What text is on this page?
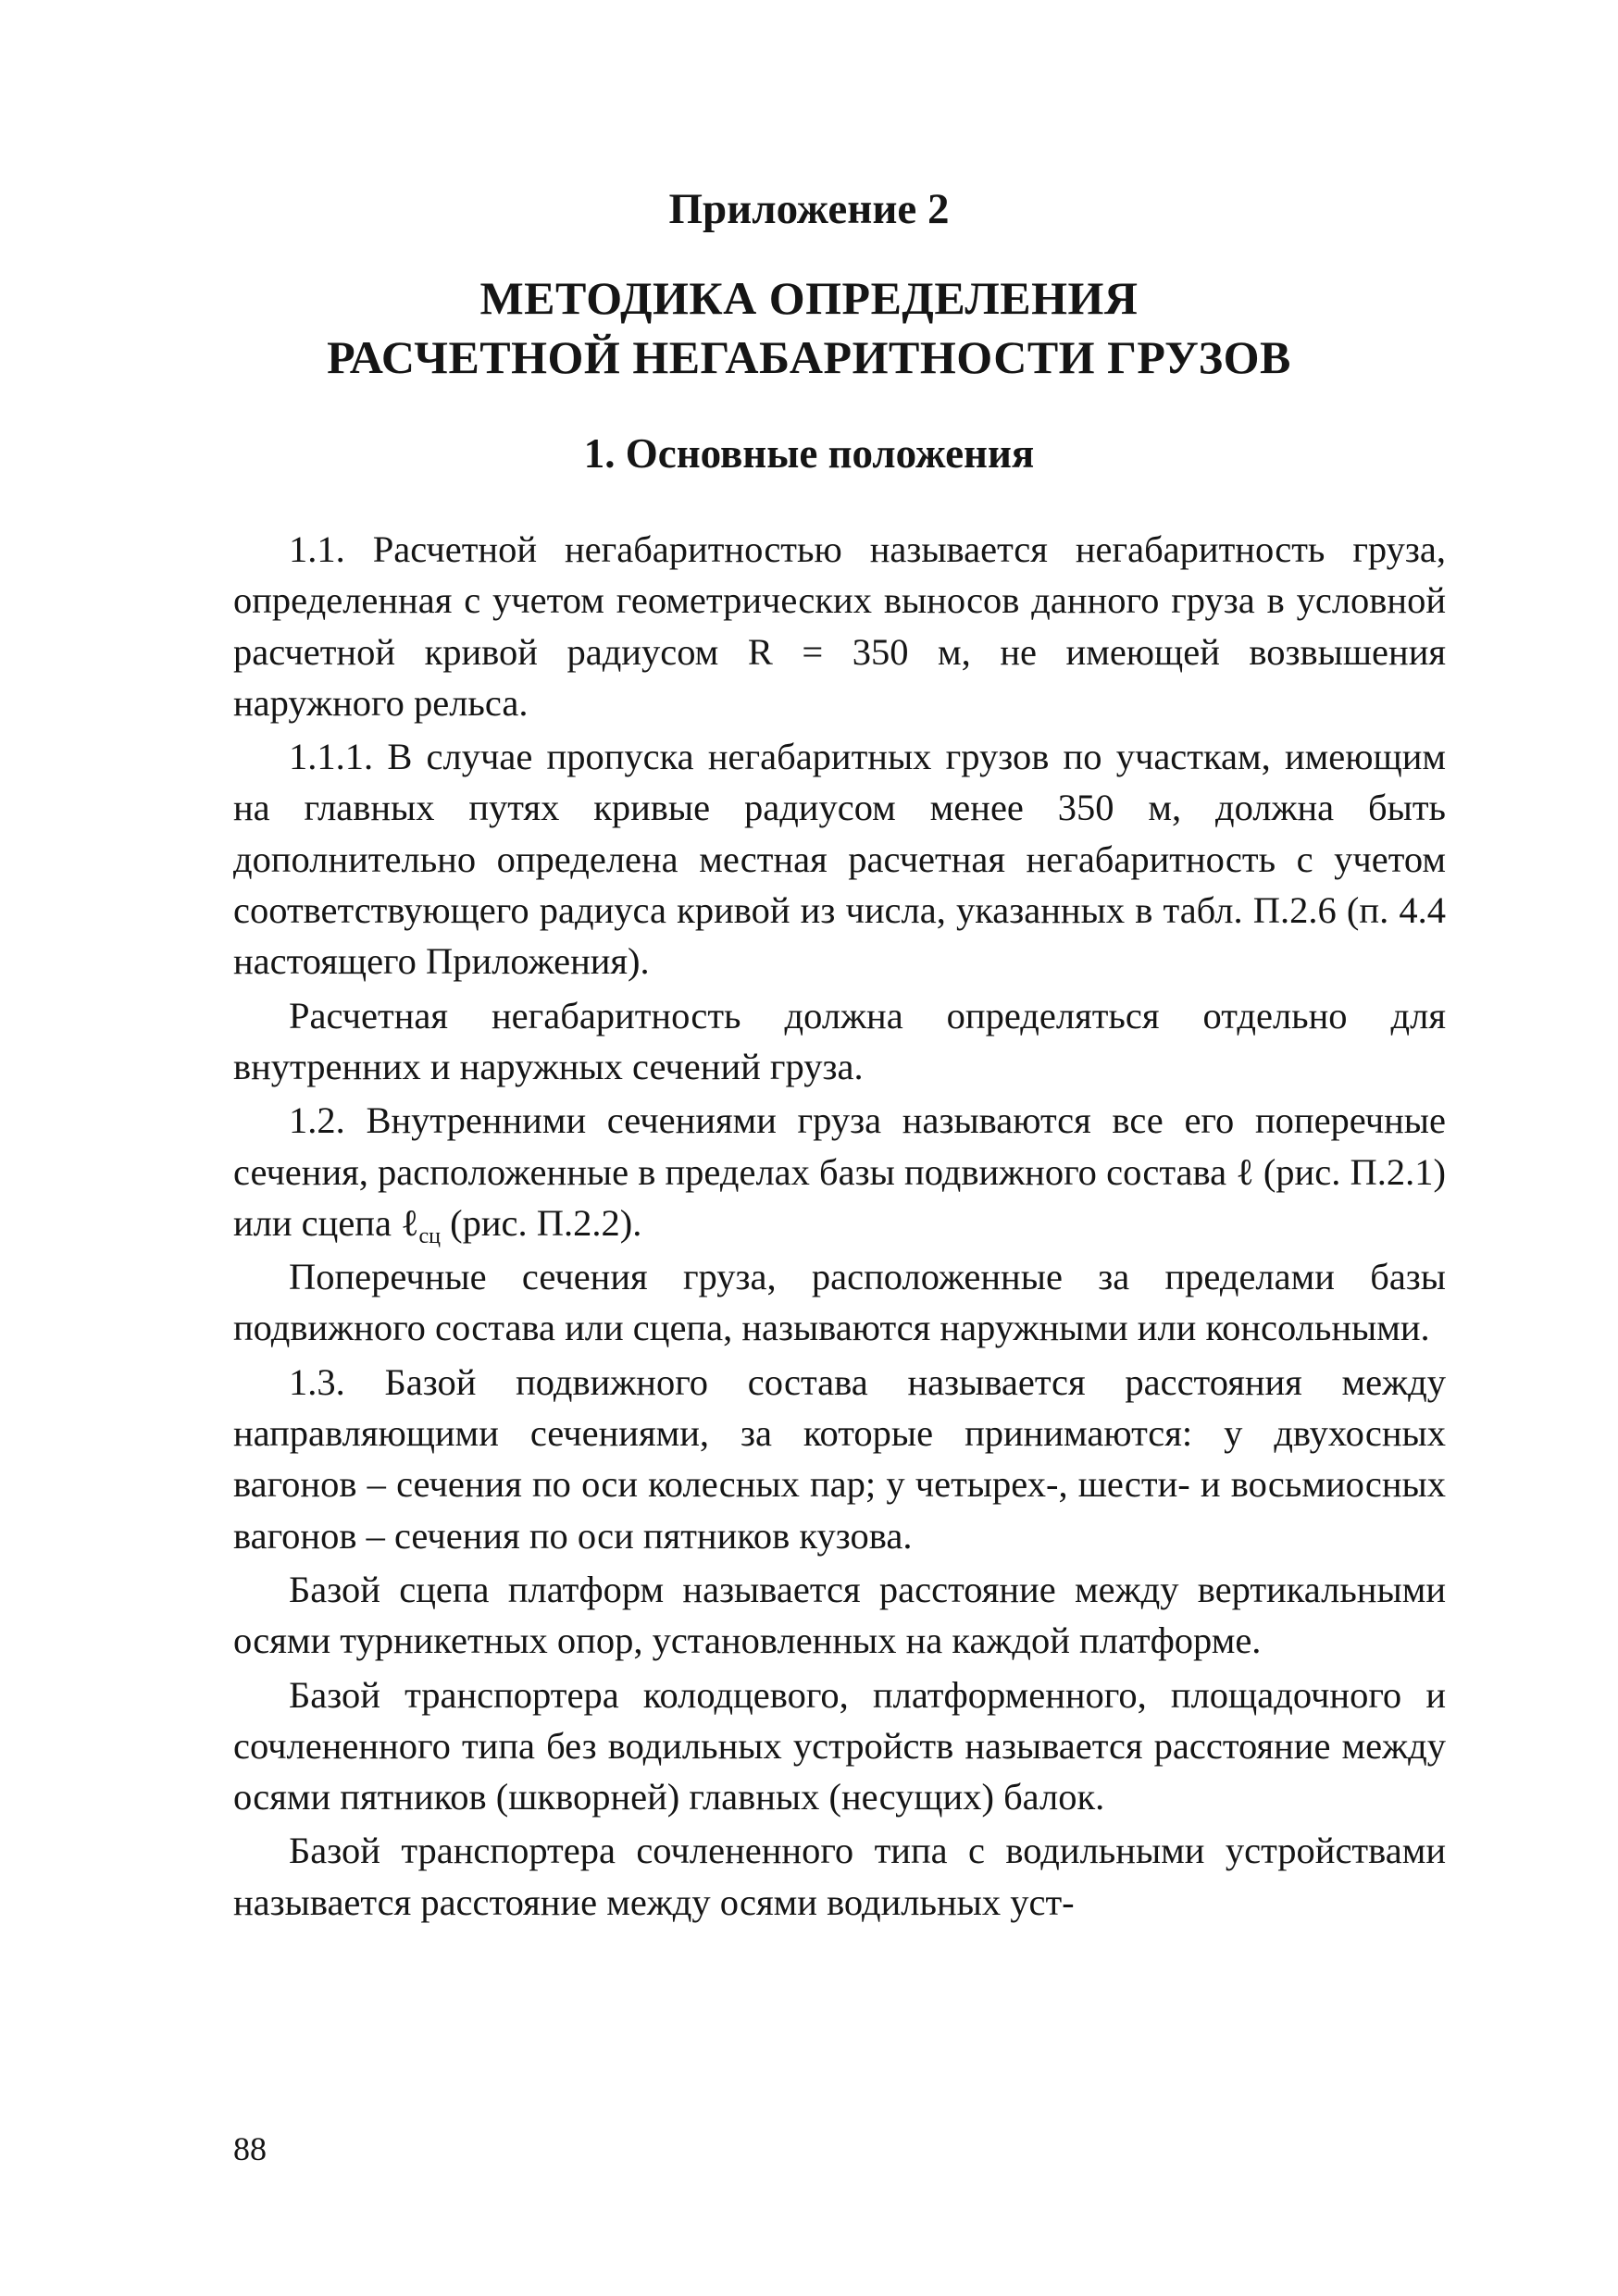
Приложение 2
МЕТОДИКА ОПРЕДЕЛЕНИЯ
РАСЧЕТНОЙ НЕГАБАРИТНОСТИ ГРУЗОВ
1. Основные положения

1.1. Расчетной негабаритностью называется негабаритность груза, определенная с учетом геометрических выносов данного груза в условной расчетной кривой радиусом R = 350 м, не имеющей возвышения наружного рельса.

1.1.1. В случае пропуска негабаритных грузов по участкам, имеющим на главных путях кривые радиусом менее 350 м, должна быть дополнительно определена местная расчетная негабаритность с учетом соответствующего радиуса кривой из числа, указанных в табл. П.2.6 (п. 4.4 настоящего Приложения).

Расчетная негабаритность должна определяться отдельно для внутренних и наружных сечений груза.

1.2. Внутренними сечениями груза называются все его поперечные сечения, расположенные в пределах базы подвижного состава ℓ (рис. П.2.1) или сцепа ℓ$_{сц}$ (рис. П.2.2).

Поперечные сечения груза, расположенные за пределами базы подвижного состава или сцепа, называются наружными или консольными.

1.3. Базой подвижного состава называется расстояния между направляющими сечениями, за которые принимаются: у двухосных вагонов – сечения по оси колесных пар; у четырех-, шести- и восьмиосных вагонов – сечения по оси пятников кузова.

Базой сцепа платформ называется расстояние между вертикальными осями турникетных опор, установленных на каждой платформе.

Базой транспортера колодцевого, платформенного, площадочного и сочлененного типа без водильных устройств называется расстояние между осями пятников (шкворней) главных (несущих) балок.

Базой транспортера сочлененного типа с водильными устройствами называется расстояние между осями водильных уст-

88
